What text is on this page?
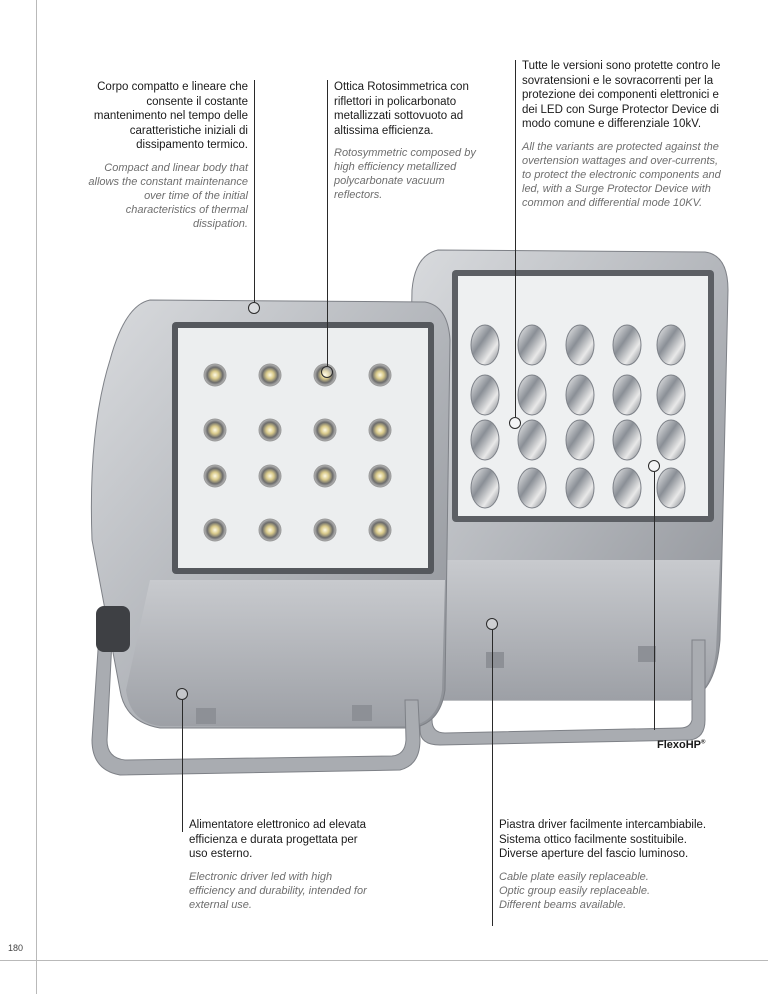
180
FlexoHP®

Corpo compatto e lineare che consente il costante mantenimento nel tempo delle caratteristiche iniziali di dissipamento termico.

Compact and linear body that allows the constant maintenance over time of the initial characteristics of thermal dissipation.

Ottica Rotosimmetrica con riflettori in policarbonato metallizzati sottovuoto ad altissima efficienza.

Rotosymmetric composed by high efficiency metallized polycarbonate vacuum reflectors.

Tutte le versioni sono protette contro le sovratensioni e le sovracorrenti per la protezione dei componenti elettronici e dei LED con Surge Protector Device di modo comune e differenziale 10kV.

All the variants are protected against the overtension wattages and over-currents, to protect the electronic components and led, with a Surge Protector Device with common and differential mode 10KV.

Alimentatore elettronico ad elevata efficienza e durata progettata per uso esterno.

Electronic driver led with high efficiency and durability, intended for external use.

Piastra driver facilmente intercambiabile.
Sistema ottico facilmente sostituibile.
Diverse aperture del fascio luminoso.

Cable plate easily replaceable.
Optic group easily replaceable.
Different beams available.
